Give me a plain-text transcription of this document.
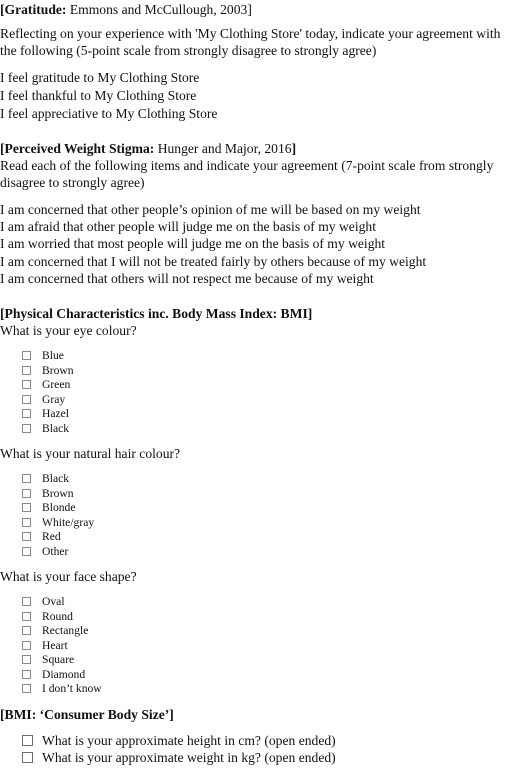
[Gratitude: Emmons and McCullough, 2003]
Reflecting on your experience with 'My Clothing Store' today, indicate your agreement with
the following (5-point scale from strongly disagree to strongly agree)
I feel gratitude to My Clothing Store
I feel thankful to My Clothing Store
I feel appreciative to My Clothing Store
[Perceived Weight Stigma: Hunger and Major, 2016]
Read each of the following items and indicate your agreement (7-point scale from strongly
disagree to strongly agree)
I am concerned that other people’s opinion of me will be based on my weight
I am afraid that other people will judge me on the basis of my weight
I am worried that most people will judge me on the basis of my weight
I am concerned that I will not be treated fairly by others because of my weight
I am concerned that others will not respect me because of my weight
[Physical Characteristics inc. Body Mass Index: BMI]
What is your eye colour?
Blue
Brown
Green
Gray
Hazel
Black
What is your natural hair colour?
Black
Brown
Blonde
White/gray
Red
Other
What is your face shape?
Oval
Round
Rectangle
Heart
Square
Diamond
I don’t know
[BMI: ‘Consumer Body Size’]
What is your approximate height in cm? (open ended)
What is your approximate weight in kg? (open ended)
